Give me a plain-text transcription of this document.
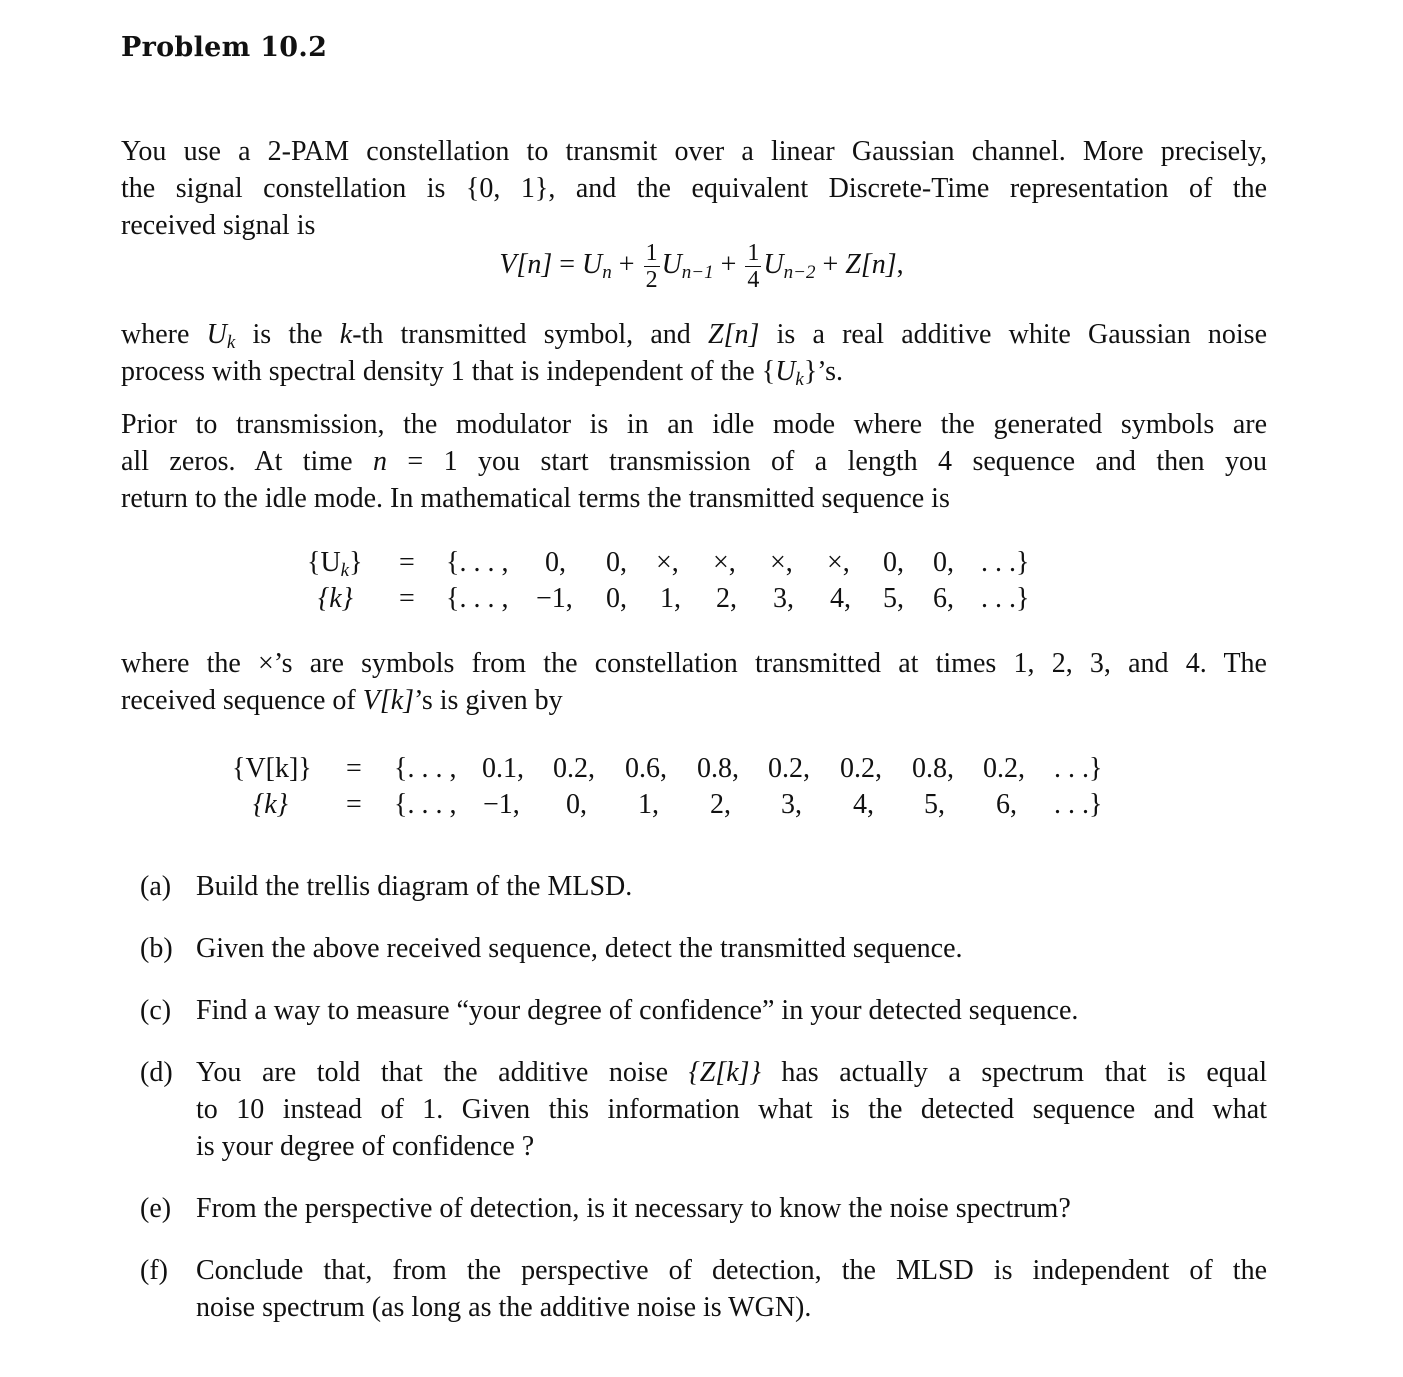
Problem 10.2
You use a 2-PAM constellation to transmit over a linear Gaussian channel. More precisely,
the signal constellation is {0, 1}, and the equivalent Discrete-Time representation of the
received signal is
$V[n] = U_n + \frac{1}{2} U_{n-1} + \frac{1}{4} U_{n-2} + Z[n]$,
where $U_k$ is the k-th transmitted symbol, and Z[n] is a real additive white Gaussian noise
process with spectral density 1 that is independent of the $\{U_k\}’s$.
Prior to transmission, the modulator is in an idle mode where the generated symbols are
all zeros. At time n = 1 you start transmission of a length 4 sequence and then you
return to the idle mode. In mathematical terms the transmitted sequence is
$\{U_k\}$
{k}
=
=
{. . . ,
{. . . ,
0, 0, ×, ×, ×, ×, 0, 0,
−1, 0, 1, 2, 3, 4, 5, 6,
. . .}
. . .}
where the ×’s are symbols from the constellation transmitted at times 1, 2, 3, and 4. The
received sequence of V[k]’s is given by
{V[k]}
{k}
=
=
{. . . ,
{. . . ,
0.1, 0.2, 0.6, 0.8, 0.2, 0.2, 0.8, 0.2,
−1, 0, 1, 2, 3, 4, 5, 6,
. . .}
. . .}
(a) Build the trellis diagram of the MLSD.
(b) Given the above received sequence, detect the transmitted sequence.
(c) Find a way to measure “your degree of confidence” in your detected sequence.
(d) You are told that the additive noise {Z[k]} has actually a spectrum that is equal
to 10 instead of 1. Given this information what is the detected sequence and what
is your degree of confidence ?
(e) From the perspective of detection, is it necessary to know the noise spectrum?
(f) Conclude that, from the perspective of detection, the MLSD is independent of the
noise spectrum (as long as the additive noise is WGN).
